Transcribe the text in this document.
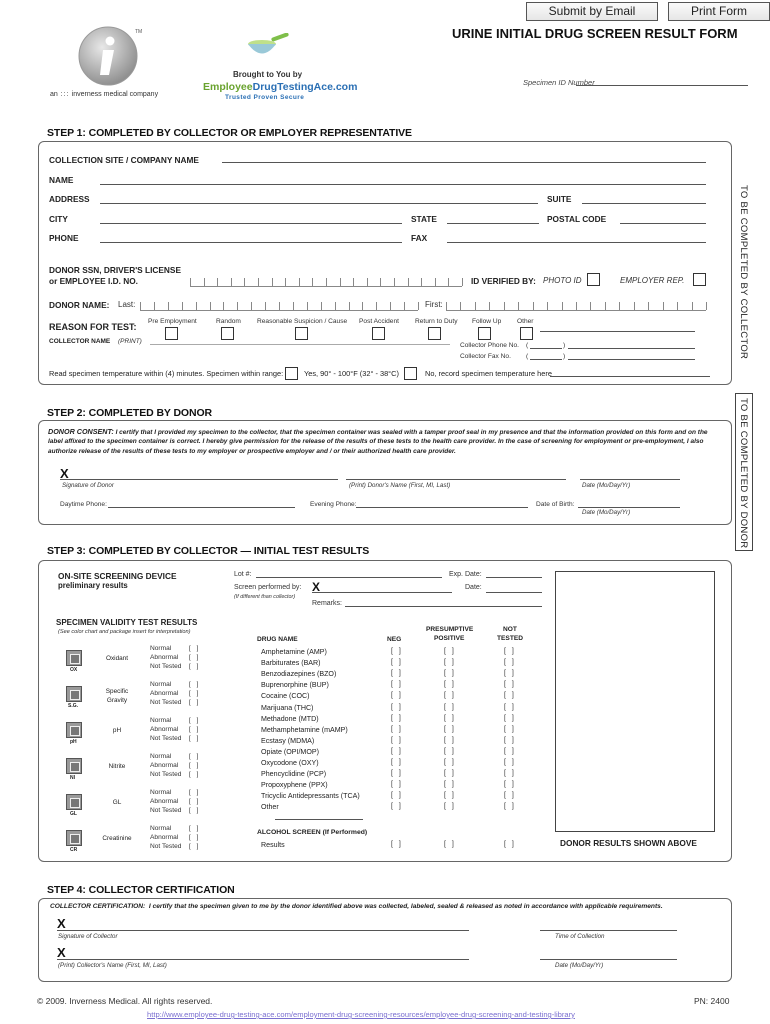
Submit by Email	Print Form
URINE INITIAL DRUG SCREEN RESULT FORM
TM
an inverness medical company
Brought to You by
EmployeeDrugTestingAce.com
Trusted Proven Secure
Specimen ID Number
STEP 1: COMPLETED BY COLLECTOR OR EMPLOYER REPRESENTATIVE
TO BE COMPLETED BY COLLECTOR
COLLECTION SITE / COMPANY NAME
NAME
ADDRESS	SUITE
CITY	STATE	POSTAL CODE
PHONE	FAX
DONOR SSN, DRIVER'S LICENSE
or EMPLOYEE I.D. NO.	ID VERIFIED BY: PHOTO ID	EMPLOYER REP.
DONOR NAME: Last:	First:
REASON FOR TEST:
Pre Employment	Random Reasonable Suspicion / Cause Post Accident Return to Duty Follow Up Other
COLLECTOR NAME (PRINT)
Collector Phone No. (	)
Collector Fax No. (	)
Read specimen temperature within (4) minutes. Specimen within range:	Yes, 90° - 100°F (32° - 38°C)	No, record specimen temperature here
STEP 2: COMPLETED BY DONOR	TO BE COMPLETED BY DONOR
DONOR CONSENT: I certify that I provided my specimen to the collector, that the specimen container was sealed with a tamper proof seal in my presence and that the information provided on this form and on the label affixed to the specimen container is correct. I hereby give permission for the release of the results of these tests to the health care provider. In the case of screening for employment or pre-employment, I also authorize release of the results of these tests to my employer or prospective employer and / or their authorized health care provider.
X
Signature of Donor	(Print) Donor's Name (First, MI, Last)	Date (Mo/Day/Yr)
Daytime Phone:	Evening Phone:	Date of Birth:
Date (Mo/Day/Yr)
STEP 3: COMPLETED BY COLLECTOR — INITIAL TEST RESULTS
ON-SITE SCREENING DEVICE
preliminary results
Lot #:	Exp. Date:
Screen performed by: X
(If different than collector)
Date:
Remarks:
DONOR RESULTS SHOWN ABOVE
SPECIMEN VALIDITY TEST RESULTS
(See color chart and package insert for interpretation)
OX
Oxidant
Normal	[ ]
Abnormal [ ]
Not Tested [ ]
S.G.
Specific Gravity
Normal	[ ]
Abnormal [ ]
Not Tested [ ]
pH
pH
Normal	[ ]
Abnormal [ ]
Not Tested [ ]
NI
Nitrite
Normal	[ ]
Abnormal [ ]
Not Tested [ ]
GL
GL
Normal	[ ]
Abnormal [ ]
Not Tested [ ]
CR
Creatinine
Normal	[ ]
Abnormal [ ]
Not Tested [ ]
PRESUMPTIVE
POSITIVE
NOT
TESTED
DRUG NAME	NEG
Amphetamine (AMP)	[ ]	[ ]	[ ]
Barbiturates (BAR)	[ ]	[ ]	[ ]
Benzodiazepines (BZO)	[ ]	[ ]	[ ]
Buprenorphine (BUP)	[ ]	[ ]	[ ]
Cocaine (COC)	[ ]	[ ]	[ ]
Marijuana (THC)	[ ]	[ ]	[ ]
Methadone (MTD)	[ ]	[ ]	[ ]
Methamphetamine (mAMP)	[ ]	[ ]	[ ]
Ecstasy (MDMA)	[ ]	[ ]	[ ]
Opiate (OPI/MOP)	[ ]	[ ]	[ ]
Oxycodone (OXY)	[ ]	[ ]	[ ]
Phencyclidine (PCP)	[ ]	[ ]	[ ]
Propoxyphene (PPX)	[ ]	[ ]	[ ]
Tricyclic Antidepressants (TCA)	[ ]	[ ]	[ ]
Other	[ ]	[ ]	[ ]
ALCOHOL SCREEN (If Performed)
Results	[ ]	[ ]	[ ]
STEP 4: COLLECTOR CERTIFICATION
COLLECTOR CERTIFICATION: I certify that the specimen given to me by the donor identified above was collected, labeled, sealed & released as noted in accordance with applicable requirements.
X
Signature of Collector	Time of Collection
X
(Print) Collector's Name (First, MI, Last)	Date (Mo/Day/Yr)
© 2009. Inverness Medical. All rights reserved.	PN: 2400
http://www.employee-drug-testing-ace.com/employment-drug-screening-resources/employee-drug-screening-and-testing-library
